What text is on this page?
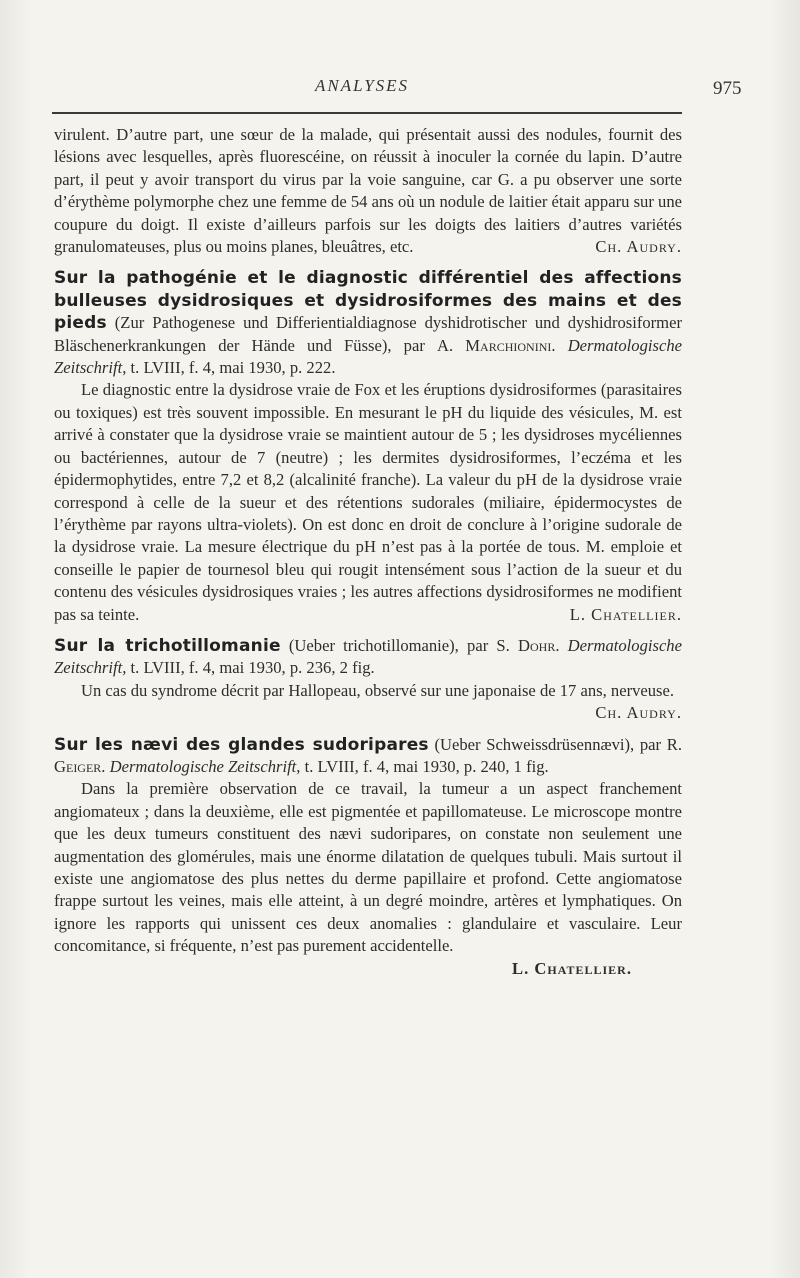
ANALYSES	975

virulent. D’autre part, une sœur de la malade, qui présentait aussi des nodules, fournit des lésions avec lesquelles, après fluorescéine, on réussit à inoculer la cornée du lapin. D’autre part, il peut y avoir transport du virus par la voie sanguine, car G. a pu observer une sorte d’érythème polymorphe chez une femme de 54 ans où un nodule de laitier était apparu sur une coupure du doigt. Il existe d’ailleurs parfois sur les doigts des laitiers d’autres variétés granulomateuses, plus ou moins planes, bleuâtres, etc.	Ch. Audry.

Sur la pathogénie et le diagnostic différentiel des affections bulleuses dysidrosiques et dysidrosiformes des mains et des pieds (Zur Pathogenese und Differientialdiagnose dyshidrotischer und dyshidrosiformer Bläschenerkrankungen der Hände und Füsse), par A. Marchionini. Dermatologische Zeitschrift, t. LVIII, f. 4, mai 1930, p. 222.

Le diagnostic entre la dysidrose vraie de Fox et les éruptions dysidrosiformes (parasitaires ou toxiques) est très souvent impossible. En mesurant le pH du liquide des vésicules, M. est arrivé à constater que la dysidrose vraie se maintient autour de 5 ; les dysidroses mycéliennes ou bactériennes, autour de 7 (neutre) ; les dermites dysidrosiformes, l’eczéma et les épidermophytides, entre 7,2 et 8,2 (alcalinité franche). La valeur du pH de la dysidrose vraie correspond à celle de la sueur et des rétentions sudorales (miliaire, épidermocystes de l’érythème par rayons ultra-violets). On est donc en droit de conclure à l’origine sudorale de la dysidrose vraie. La mesure électrique du pH n’est pas à la portée de tous. M. emploie et conseille le papier de tournesol bleu qui rougit intensément sous l’action de la sueur et du contenu des vésicules dysidrosiques vraies ; les autres affections dysidrosiformes ne modifient pas sa teinte.	L. Chatellier.

Sur la trichotillomanie (Ueber trichotillomanie), par S. Dohr. Dermatologische Zeitschrift, t. LVIII, f. 4, mai 1930, p. 236, 2 fig.

Un cas du syndrome décrit par Hallopeau, observé sur une japonaise de 17 ans, nerveuse.
Ch. Audry.

Sur les nævi des glandes sudoripares (Ueber Schweissdrüsennævi), par R. Geiger. Dermatologische Zeitschrift, t. LVIII, f. 4, mai 1930, p. 240, 1 fig.

Dans la première observation de ce travail, la tumeur a un aspect franchement angiomateux ; dans la deuxième, elle est pigmentée et papillomateuse. Le microscope montre que les deux tumeurs constituent des nævi sudoripares, on constate non seulement une augmentation des glomérules, mais une énorme dilatation de quelques tubuli. Mais surtout il existe une angiomatose des plus nettes du derme papillaire et profond. Cette angiomatose frappe surtout les veines, mais elle atteint, à un degré moindre, artères et lymphatiques. On ignore les rapports qui unissent ces deux anomalies : glandulaire et vasculaire. Leur concomitance, si fréquente, n’est pas purement accidentelle.

L. Chatellier.
